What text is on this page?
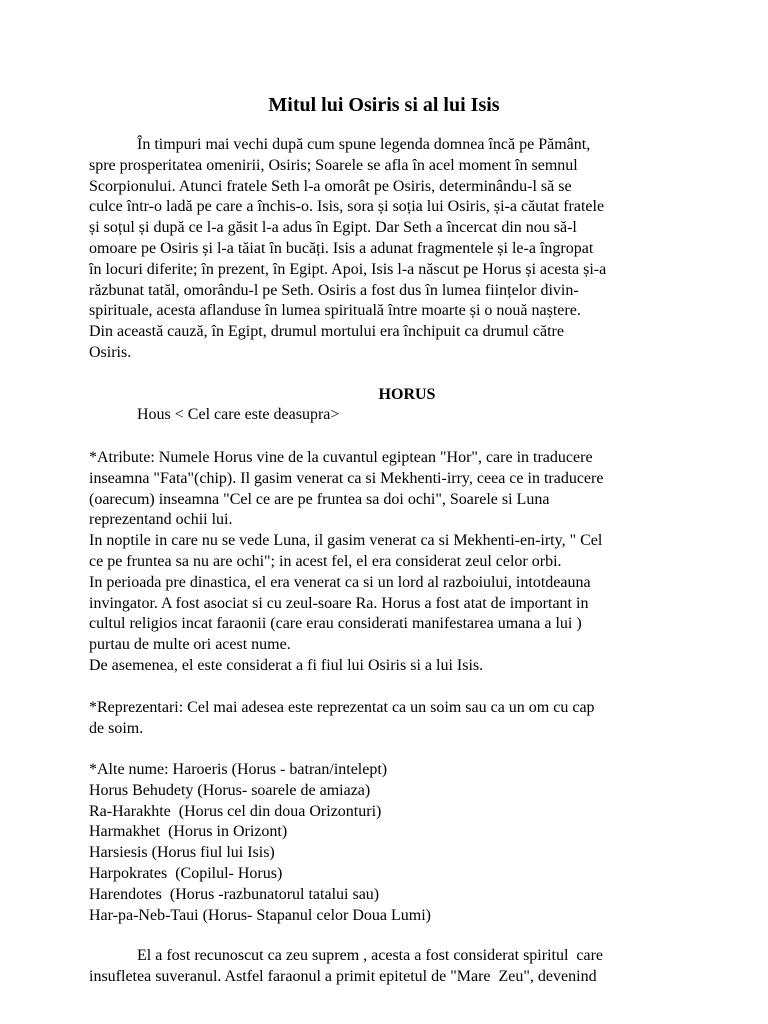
Mitul lui Osiris si al lui Isis
În timpuri mai vechi după cum spune legenda domnea încă pe Pământ,
spre prosperitatea omenirii, Osiris; Soarele se afla în acel moment în semnul
Scorpionului. Atunci fratele Seth l-a omorât pe Osiris, determinându-l să se
culce într-o ladă pe care a închis-o. Isis, sora și soția lui Osiris, și-a căutat fratele
și soțul și după ce l-a găsit l-a adus în Egipt. Dar Seth a încercat din nou să-l
omoare pe Osiris și l-a tăiat în bucăți. Isis a adunat fragmentele și le-a îngropat
în locuri diferite; în prezent, în Egipt. Apoi, Isis l-a născut pe Horus și acesta și-a
răzbunat tatăl, omorându-l pe Seth. Osiris a fost dus în lumea ființelor divin-
spirituale, acesta aflanduse în lumea spirituală între moarte și o nouă naștere.
Din această cauză, în Egipt, drumul mortului era închipuit ca drumul către
Osiris.
HORUS
Hous < Cel care este deasupra>
*Atribute: Numele Horus vine de la cuvantul egiptean "Hor", care in traducere
inseamna "Fata"(chip). Il gasim venerat ca si Mekhenti-irry, ceea ce in traducere
(oarecum) inseamna "Cel ce are pe fruntea sa doi ochi", Soarele si Luna
reprezentand ochii lui.
In noptile in care nu se vede Luna, il gasim venerat ca si Mekhenti-en-irty, " Cel
ce pe fruntea sa nu are ochi"; in acest fel, el era considerat zeul celor orbi.
In perioada pre dinastica, el era venerat ca si un lord al razboiului, intotdeauna
invingator. A fost asociat si cu zeul-soare Ra. Horus a fost atat de important in
cultul religios incat faraonii (care erau considerati manifestarea umana a lui )
purtau de multe ori acest nume.
De asemenea, el este considerat a fi fiul lui Osiris si a lui Isis.
*Reprezentari: Cel mai adesea este reprezentat ca un soim sau ca un om cu cap
de soim.
*Alte nume: Haroeris (Horus - batran/intelept)
Horus Behudety (Horus- soarele de amiaza)
Ra-Harakhte  (Horus cel din doua Orizonturi)
Harmakhet  (Horus in Orizont)
Harsiesis (Horus fiul lui Isis)
Harpokrates  (Copilul- Horus)
Harendotes  (Horus -razbunatorul tatalui sau)
Har-pa-Neb-Taui (Horus- Stapanul celor Doua Lumi)
El a fost recunoscut ca zeu suprem , acesta a fost considerat spiritul  care
insufletea suveranul. Astfel faraonul a primit epitetul de "Mare  Zeu", devenind
